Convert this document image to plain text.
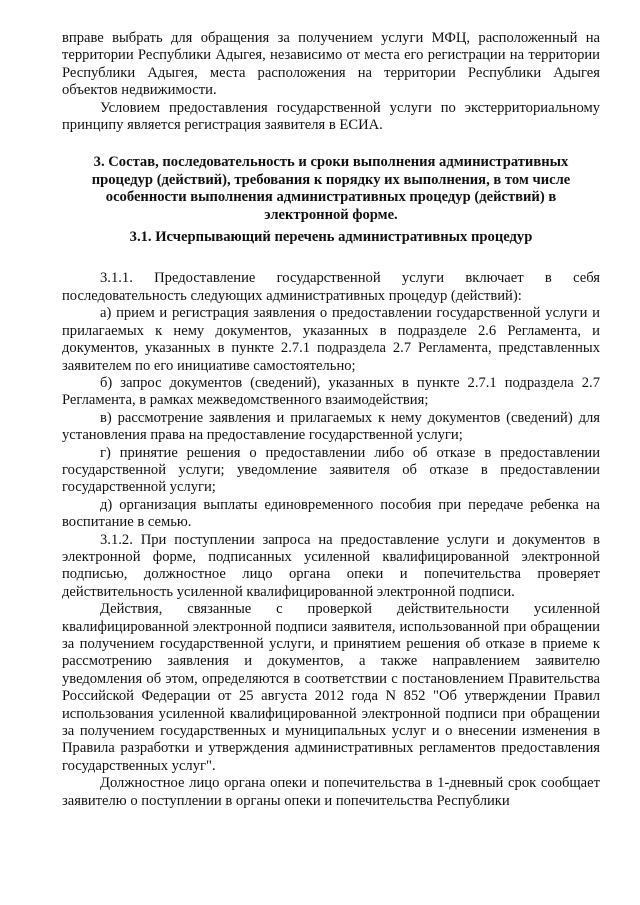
вправе выбрать для обращения за получением услуги МФЦ, расположенный на территории Республики Адыгея, независимо от места его регистрации на территории Республики Адыгея, места расположения на территории Республики Адыгея объектов недвижимости.

Условием предоставления государственной услуги по экстерриториальному принципу является регистрация заявителя в ЕСИА.

3. Состав, последовательность и сроки выполнения административных процедур (действий), требования к порядку их выполнения, в том числе особенности выполнения административных процедур (действий) в электронной форме.

3.1. Исчерпывающий перечень административных процедур

3.1.1. Предоставление государственной услуги включает в себя последовательность следующих административных процедур (действий):

а) прием и регистрация заявления о предоставлении государственной услуги и прилагаемых к нему документов, указанных в подразделе 2.6 Регламента, и документов, указанных в пункте 2.7.1 подраздела 2.7 Регламента, представленных заявителем по его инициативе самостоятельно;

б) запрос документов (сведений), указанных в пункте 2.7.1 подраздела 2.7 Регламента, в рамках межведомственного взаимодействия;

в) рассмотрение заявления и прилагаемых к нему документов (сведений) для установления права на предоставление государственной услуги;

г) принятие решения о предоставлении либо об отказе в предоставлении государственной услуги; уведомление заявителя об отказе в предоставлении государственной услуги;

д) организация выплаты единовременного пособия при передаче ребенка на воспитание в семью.

3.1.2. При поступлении запроса на предоставление услуги и документов в электронной форме, подписанных усиленной квалифицированной электронной подписью, должностное лицо органа опеки и попечительства проверяет действительность усиленной квалифицированной электронной подписи.

Действия, связанные с проверкой действительности усиленной квалифицированной электронной подписи заявителя, использованной при обращении за получением государственной услуги, и принятием решения об отказе в приеме к рассмотрению заявления и документов, а также направлением заявителю уведомления об этом, определяются в соответствии с постановлением Правительства Российской Федерации от 25 августа 2012 года N 852 "Об утверждении Правил использования усиленной квалифицированной электронной подписи при обращении за получением государственных и муниципальных услуг и о внесении изменения в Правила разработки и утверждения административных регламентов предоставления государственных услуг".

Должностное лицо органа опеки и попечительства в 1-дневный срок сообщает заявителю о поступлении в органы опеки и попечительства Республики
